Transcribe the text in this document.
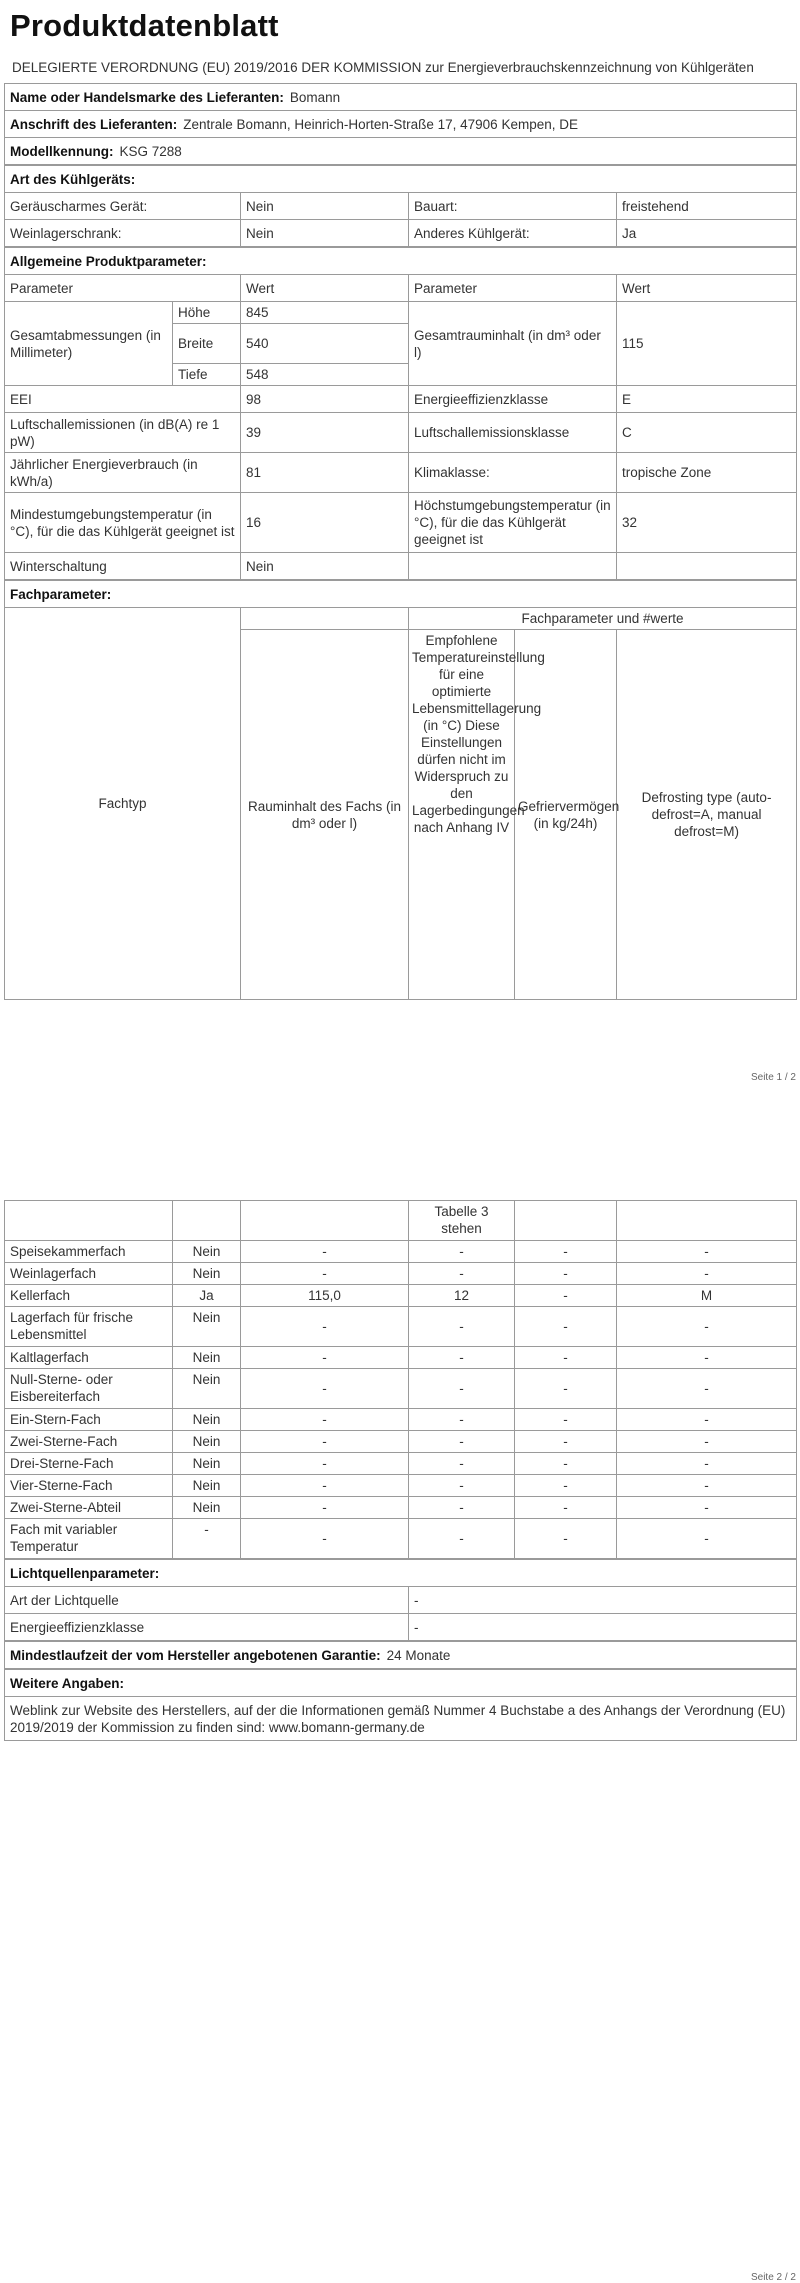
Produktdatenblatt
DELEGIERTE VERORDNUNG (EU) 2019/2016 DER KOMMISSION zur Energieverbrauchskennzeichnung von Kühlgeräten
Name oder Handelsmarke des Lieferanten: Bomann
Anschrift des Lieferanten: Zentrale Bomann, Heinrich-Horten-Straße 17, 47906 Kempen, DE
Modellkennung: KSG 7288
Art des Kühlgeräts:			
Geräuscharmes Gerät:	Nein	Bauart:	freistehend
Weinlagerschrank:	Nein	Anderes Kühlgerät:	Ja
Allgemeine Produktparameter:				
Parameter		Wert	Parameter	Wert
Gesamtabmessungen (in Millimeter)	Höhe	845	Gesamtrauminhalt (in dm³ oder l)	115
	Breite	540		
	Tiefe	548		
EEI		98	Energieeffizienzklasse	E
Luftschallemissionen (in dB(A) re 1 pW)		39	Luftschallemissionsklasse	C
Jährlicher Energieverbrauch (in kWh/a)		81	Klimaklasse:	tropische Zone
Mindestumgebungstemperatur (in °C), für die das Kühlgerät geeignet ist		16	Höchstumgebungstemperatur (in °C), für die das Kühlgerät geeignet ist	32
Winterschaltung		Nein		
Fachparameter:				
Fachtyp		Fachparameter und #werte		
	Rauminhalt des Fachs (in dm³ oder l)	Empfohlene Temperatureinstellung für eine optimierte Lebensmittellagerung (in °C) Diese Einstellungen dürfen nicht im Widerspruch zu den Lagerbedingungen nach Anhang IV	Gefriervermögen (in kg/24h)	Defrosting type (auto-defrost=A, manual defrost=M)
Seite 1 / 2
			Tabelle 3 stehen		
Speisekammerfach	Nein	-	-	-	-
Weinlagerfach	Nein	-	-	-	-
Kellerfach	Ja	115,0	12	-	M
Lagerfach für frische Lebensmittel	Nein	-	-	-	-
Kaltlagerfach	Nein	-	-	-	-
Null-Sterne- oder Eisbereiterfach	Nein	-	-	-	-
Ein-Stern-Fach	Nein	-	-	-	-
Zwei-Sterne-Fach	Nein	-	-	-	-
Drei-Sterne-Fach	Nein	-	-	-	-
Vier-Sterne-Fach	Nein	-	-	-	-
Zwei-Sterne-Abteil	Nein	-	-	-	-
Fach mit variabler Temperatur	-	-	-	-	-
Lichtquellenparameter:	
Art der Lichtquelle	-
Energieeffizienzklasse	-
Mindestlaufzeit der vom Hersteller angebotenen Garantie: 24 Monate
Weitere Angaben:
Weblink zur Website des Herstellers, auf der die Informationen gemäß Nummer 4 Buchstabe a des Anhangs der Verordnung (EU) 2019/2019 der Kommission zu finden sind: www.bomann-germany.de
Seite 2 / 2
